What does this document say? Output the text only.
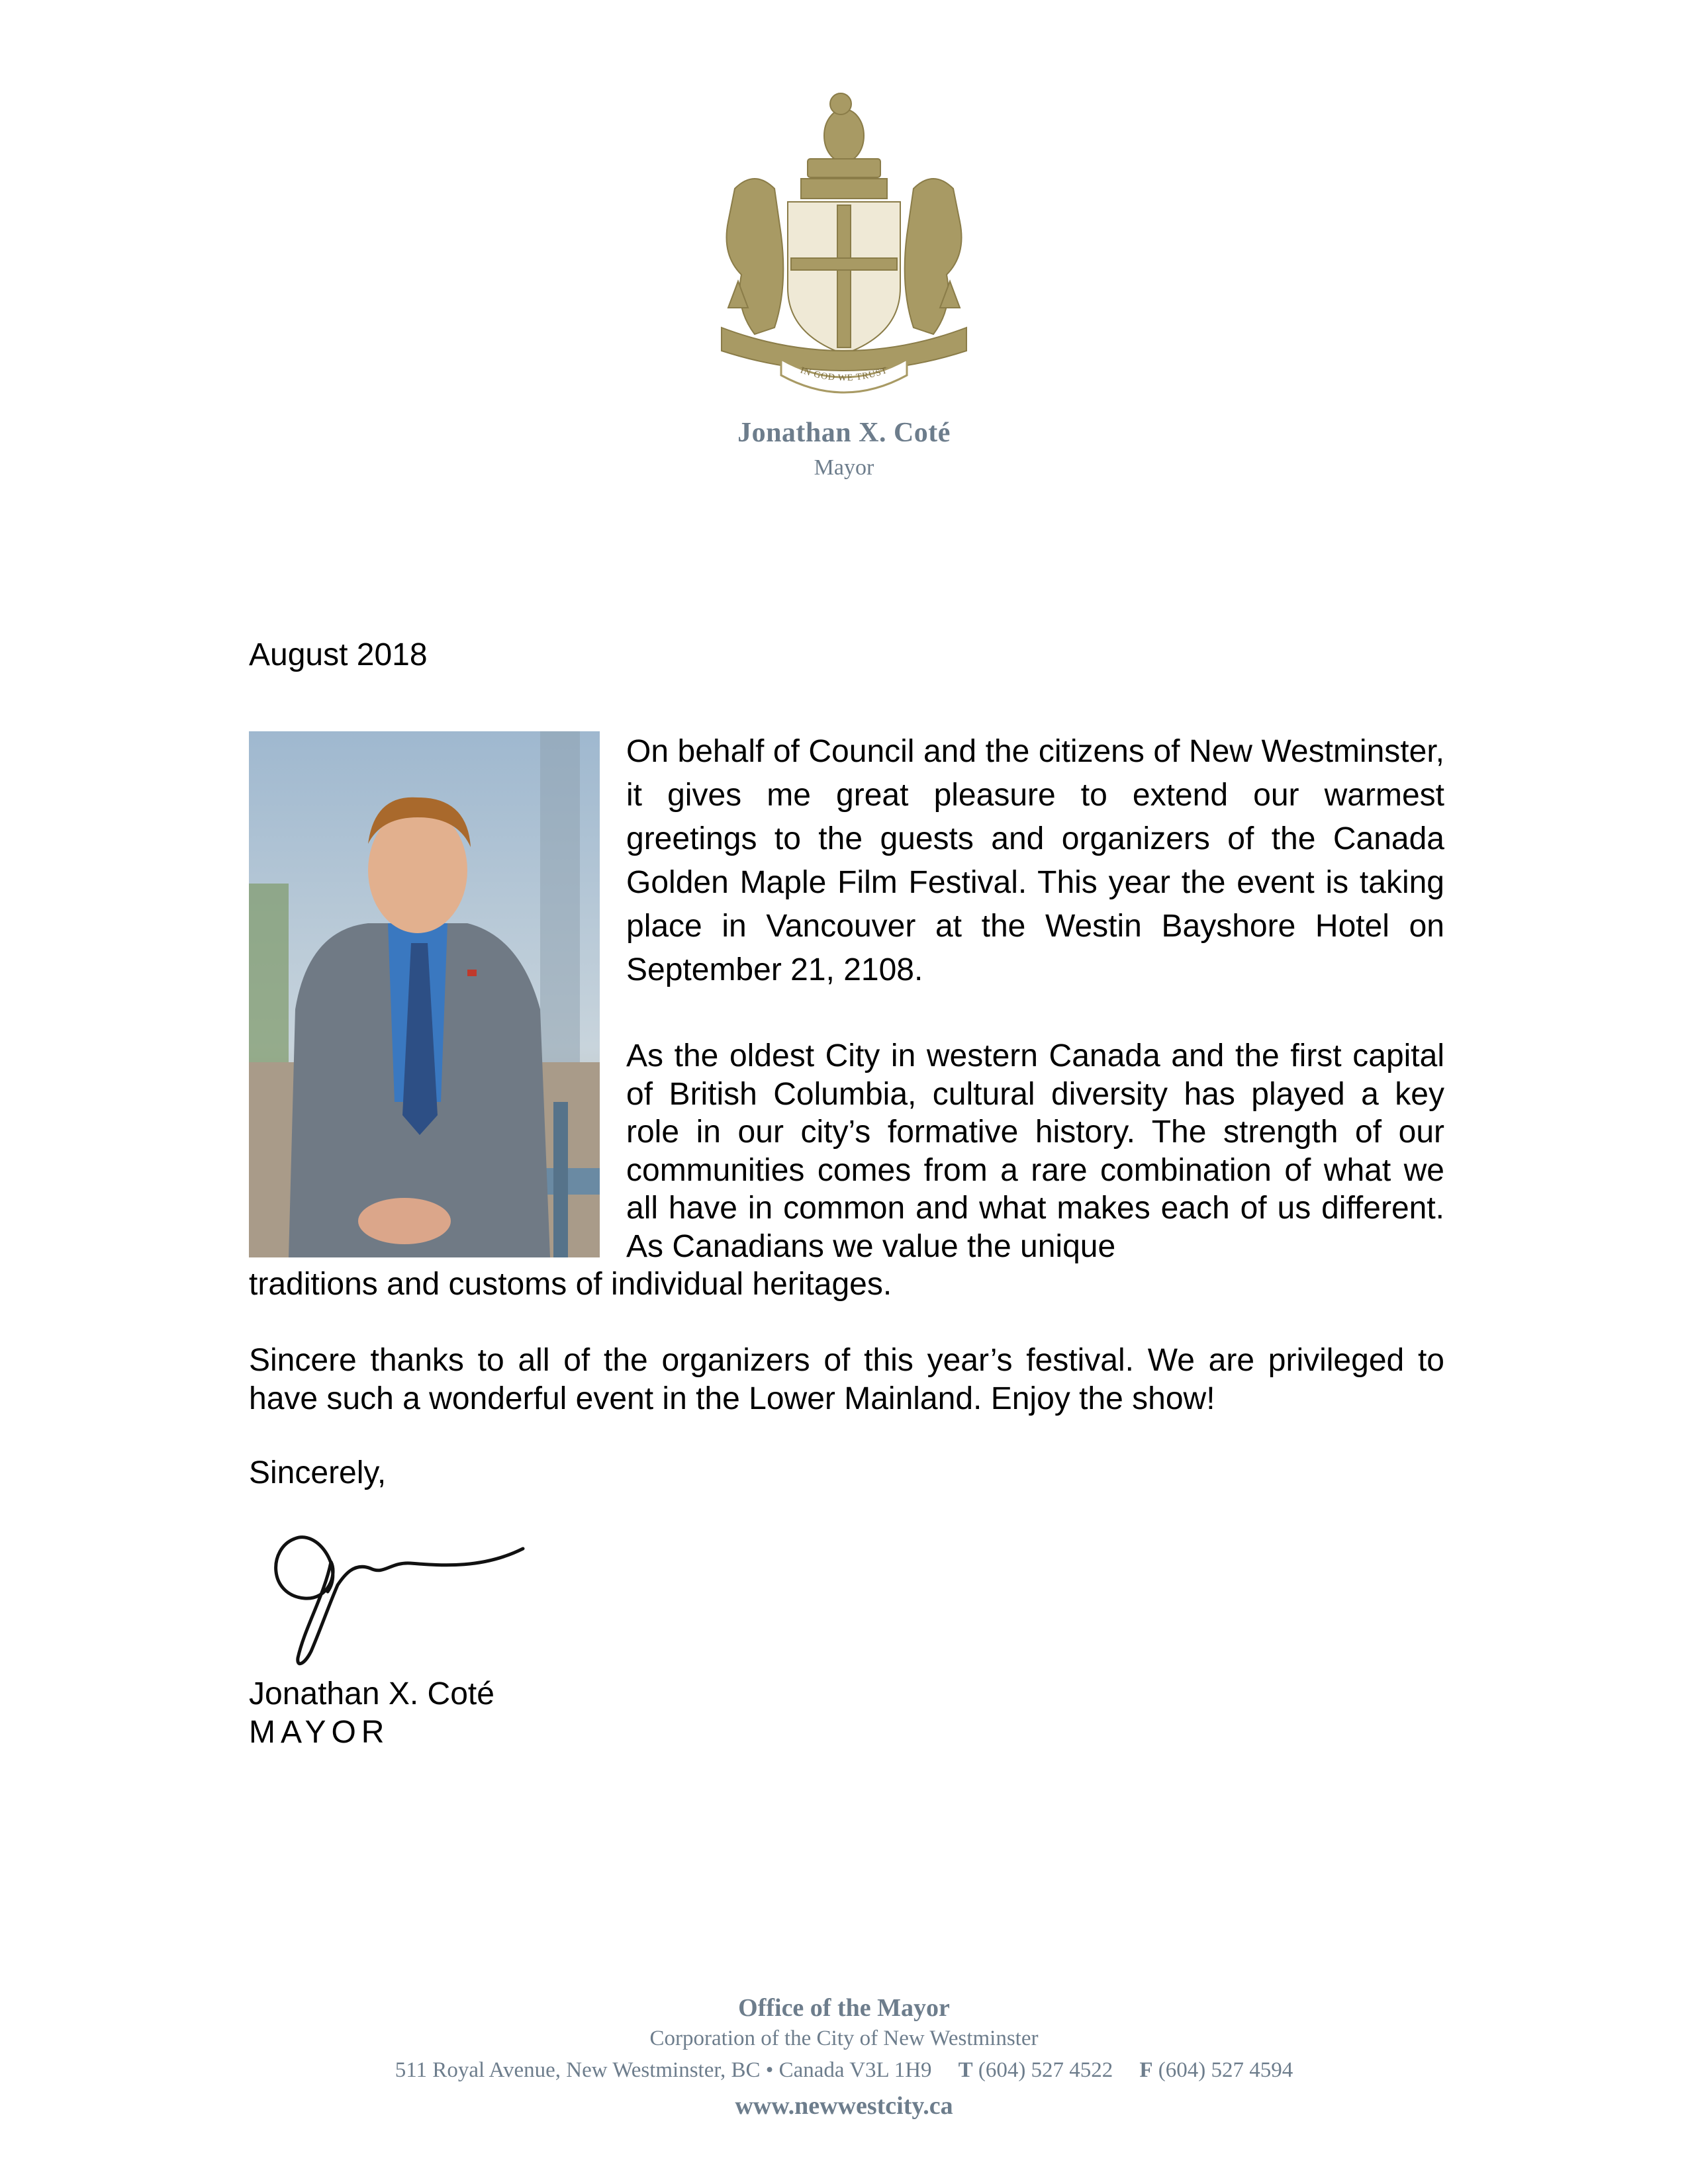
IN GOD WE TRUST
Jonathan X. Coté
Mayor
August 2018

On behalf of Council and the citizens of New Westminster, it gives me great pleasure to extend our warmest greetings to the guests and organizers of the Canada Golden Maple Film Festival. This year the event is taking place in Vancouver at the Westin Bayshore Hotel on September 21, 2108.

As the oldest City in western Canada and the first capital of British Columbia, cultural diversity has played a key role in our city’s formative history. The strength of our communities comes from a rare combination of what we all have in common and what makes each of us different. As Canadians we value the unique

traditions and customs of individual heritages.

Sincere thanks to all of the organizers of this year’s festival. We are privileged to have such a wonderful event in the Lower Mainland. Enjoy the show!

Sincerely,
Jonathan X. Coté
MAYOR
Office of the Mayor
Corporation of the City of New Westminster
511 Royal Avenue, New Westminster, BC • Canada V3L 1H9 T (604) 527 4522 F (604) 527 4594
www.newwestcity.ca
